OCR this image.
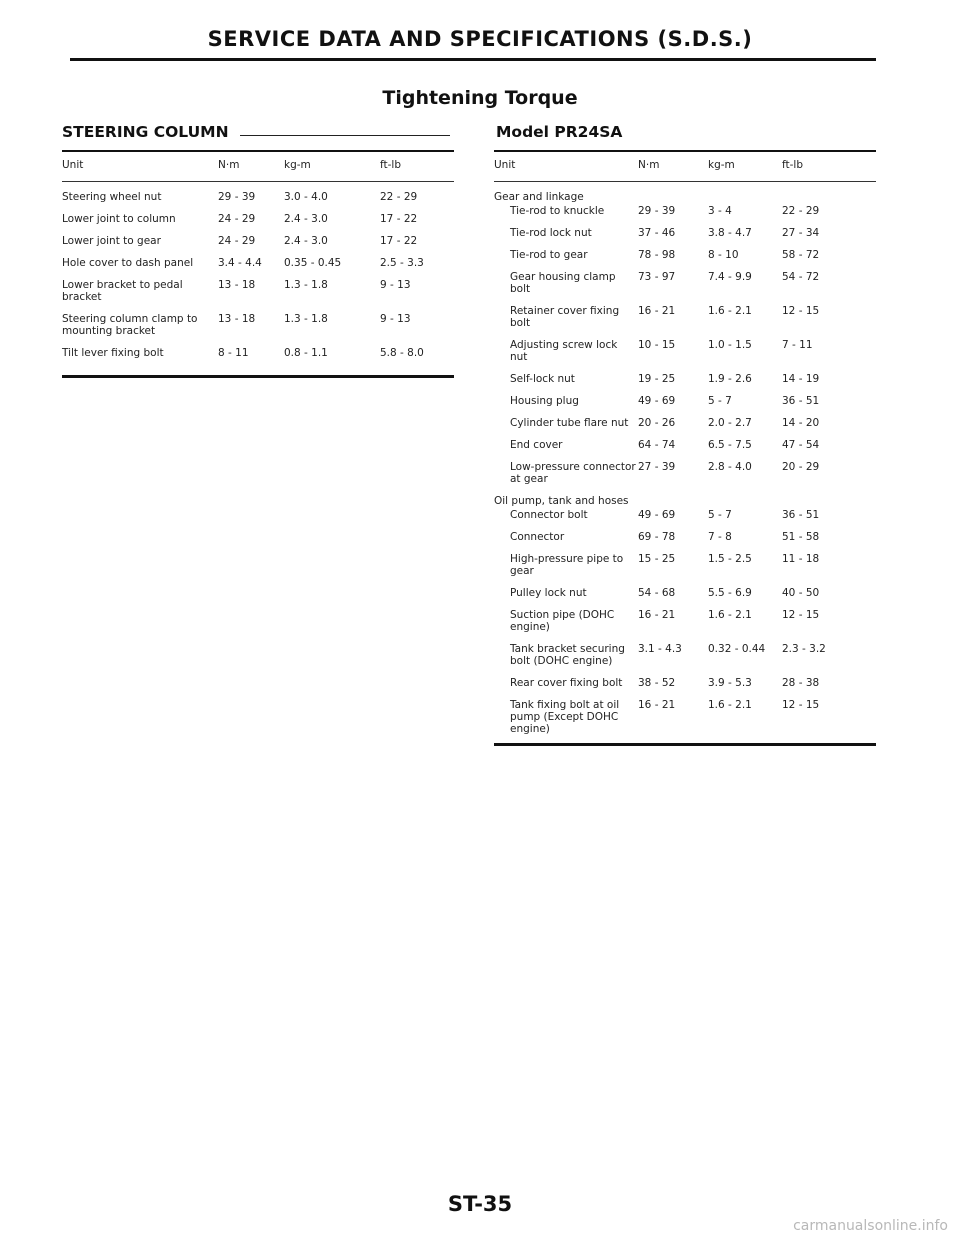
SERVICE DATA AND SPECIFICATIONS (S.D.S.)
Tightening Torque
STEERING COLUMN	Model PR24SA
Unit	N·m	kg-m	ft-lb
Steering wheel nut	29 - 39	3.0 - 4.0	22 - 29
Lower joint to column	24 - 29	2.4 - 3.0	17 - 22
Lower joint to gear	24 - 29	2.4 - 3.0	17 - 22
Hole cover to dash panel	3.4 - 4.4	0.35 - 0.45	2.5 - 3.3
Lower bracket to pedal bracket	13 - 18	1.3 - 1.8	9 - 13
Steering column clamp to mounting bracket	13 - 18	1.3 - 1.8	9 - 13
Tilt lever fixing bolt	8 - 11	0.8 - 1.1	5.8 - 8.0
Unit	N·m	kg-m	ft-lb
Gear and linkage			
Tie-rod to knuckle	29 - 39	3 - 4	22 - 29
Tie-rod lock nut	37 - 46	3.8 - 4.7	27 - 34
Tie-rod to gear	78 - 98	8 - 10	58 - 72
Gear housing clamp bolt	73 - 97	7.4 - 9.9	54 - 72
Retainer cover fixing bolt	16 - 21	1.6 - 2.1	12 - 15
Adjusting screw lock nut	10 - 15	1.0 - 1.5	7 - 11
Self-lock nut	19 - 25	1.9 - 2.6	14 - 19
Housing plug	49 - 69	5 - 7	36 - 51
Cylinder tube flare nut	20 - 26	2.0 - 2.7	14 - 20
End cover	64 - 74	6.5 - 7.5	47 - 54
Low-pressure connector at gear	27 - 39	2.8 - 4.0	20 - 29
Oil pump, tank and hoses			
Connector bolt	49 - 69	5 - 7	36 - 51
Connector	69 - 78	7 - 8	51 - 58
High-pressure pipe to gear	15 - 25	1.5 - 2.5	11 - 18
Pulley lock nut	54 - 68	5.5 - 6.9	40 - 50
Suction pipe (DOHC engine)	16 - 21	1.6 - 2.1	12 - 15
Tank bracket securing bolt (DOHC engine)	3.1 - 4.3	0.32 - 0.44	2.3 - 3.2
Rear cover fixing bolt	38 - 52	3.9 - 5.3	28 - 38
Tank fixing bolt at oil pump (Except DOHC engine)	16 - 21	1.6 - 2.1	12 - 15
ST-35
carmanualsonline.info
